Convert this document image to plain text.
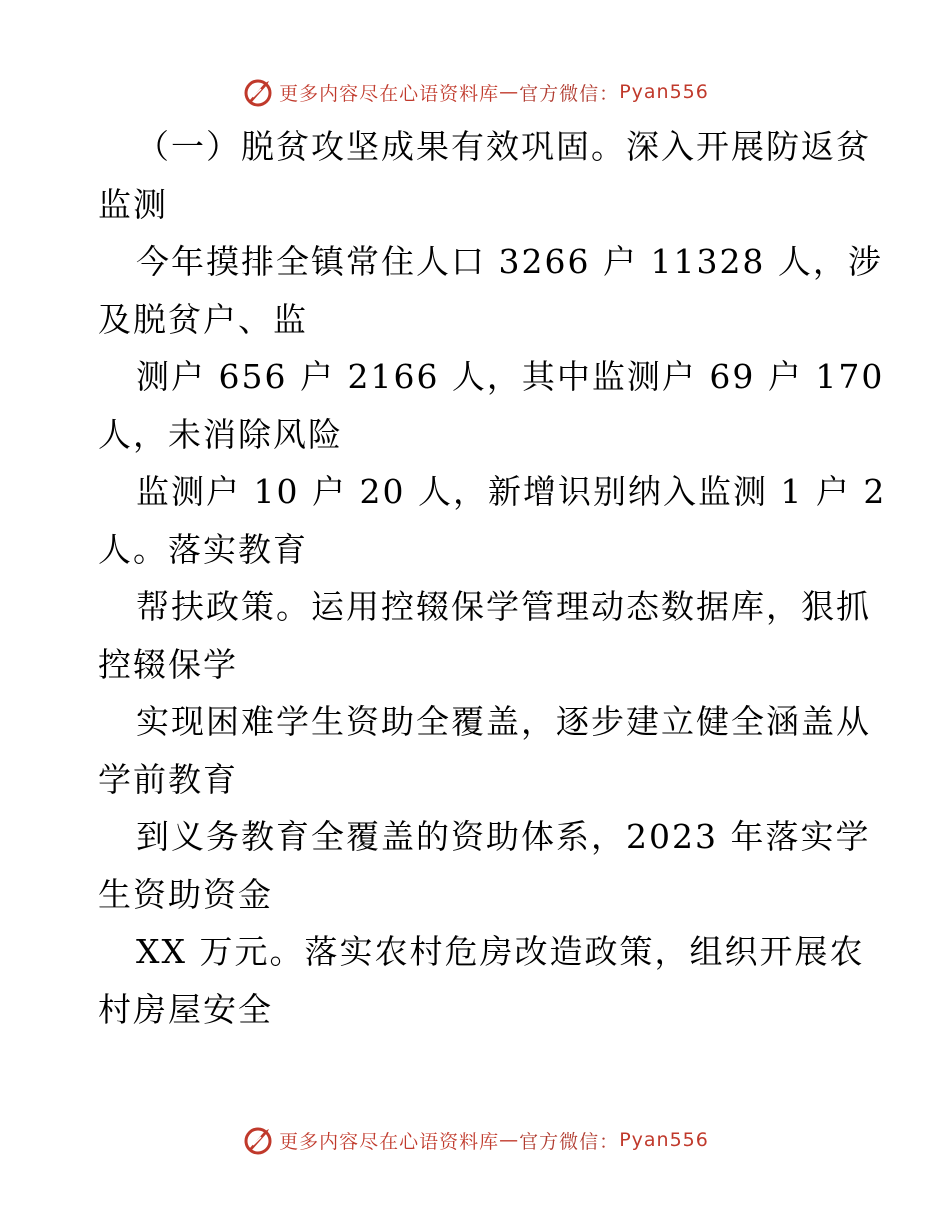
更多内容尽在心语资料库 — 官方微信： Pyan556
（一）脱贫攻坚成果有效巩固。深入开展防返贫
监测
今年摸排全镇常住人口 3266 户 11328 人，涉
及脱贫户、监
测户 656 户 2166 人，其中监测户 69 户 170
人，未消除风险
监测户 10 户 20 人，新增识别纳入监测 1 户 2
人。落实教育
帮扶政策。运用控辍保学管理动态数据库，狠抓
控辍保学
实现困难学生资助全覆盖，逐步建立健全涵盖从
学前教育
到义务教育全覆盖的资助体系，2023 年落实学
生资助资金
XX 万元。落实农村危房改造政策，组织开展农
村房屋安全
更多内容尽在心语资料库 — 官方微信： Pyan556
